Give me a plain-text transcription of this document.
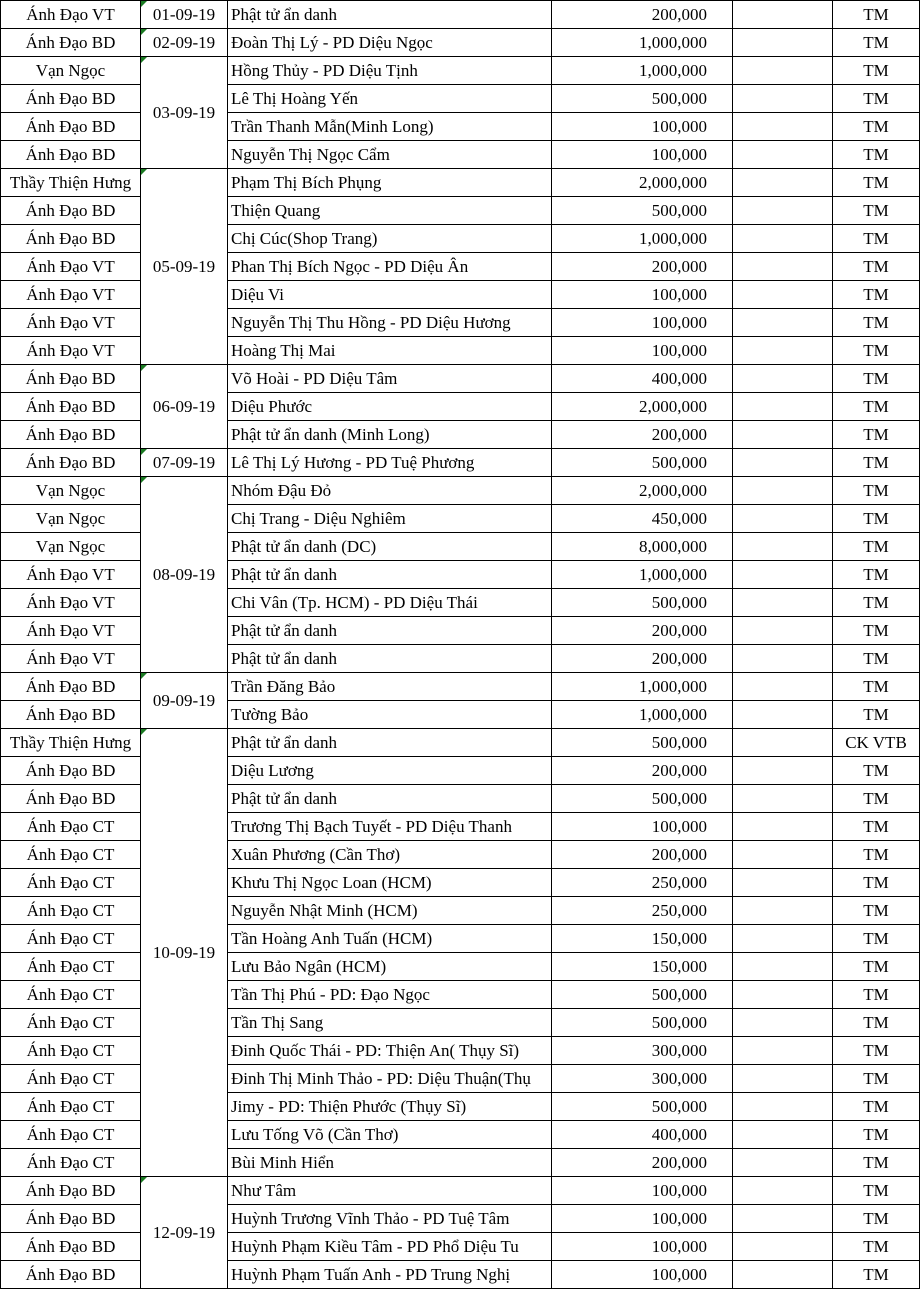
Ánh Đạo VT	01-09-19	Phật tử ẩn danh	200,000		TM
Ánh Đạo BD	02-09-19	Đoàn Thị Lý - PD Diệu Ngọc	1,000,000		TM
Vạn Ngọc	03-09-19	Hồng Thủy - PD Diệu Tịnh	1,000,000		TM
Ánh Đạo BD		Lê Thị Hoàng Yến	500,000		TM
Ánh Đạo BD		Trần Thanh Mẫn(Minh Long)	100,000		TM
Ánh Đạo BD		Nguyễn Thị Ngọc Cẩm	100,000		TM
Thầy Thiện Hưng	05-09-19	Phạm Thị Bích Phụng	2,000,000		TM
Ánh Đạo BD		Thiện Quang	500,000		TM
Ánh Đạo BD		Chị Cúc(Shop Trang)	1,000,000		TM
Ánh Đạo VT		Phan Thị Bích Ngọc - PD Diệu Ân	200,000		TM
Ánh Đạo VT		Diệu Vi	100,000		TM
Ánh Đạo VT		Nguyễn Thị Thu Hồng - PD Diệu Hương	100,000		TM
Ánh Đạo VT		Hoàng Thị Mai	100,000		TM
Ánh Đạo BD	06-09-19	Võ Hoài - PD Diệu Tâm	400,000		TM
Ánh Đạo BD		Diệu Phước	2,000,000		TM
Ánh Đạo BD		Phật tử ẩn danh (Minh Long)	200,000		TM
Ánh Đạo BD	07-09-19	Lê Thị Lý Hương - PD Tuệ Phương	500,000		TM
Vạn Ngọc	08-09-19	Nhóm Đậu Đỏ	2,000,000		TM
Vạn Ngọc		Chị Trang - Diệu Nghiêm	450,000		TM
Vạn Ngọc		Phật tử ẩn danh (DC)	8,000,000		TM
Ánh Đạo VT		Phật tử ẩn danh	1,000,000		TM
Ánh Đạo VT		Chi Vân (Tp. HCM) - PD Diệu Thái	500,000		TM
Ánh Đạo VT		Phật tử ẩn danh	200,000		TM
Ánh Đạo VT		Phật tử ẩn danh	200,000		TM
Ánh Đạo BD	09-09-19	Trần Đăng Bảo	1,000,000		TM
Ánh Đạo BD		Tường Bảo	1,000,000		TM
Thầy Thiện Hưng	10-09-19	Phật tử ẩn danh	500,000		CK VTB
Ánh Đạo BD		Diệu Lương	200,000		TM
Ánh Đạo BD		Phật tử ẩn danh	500,000		TM
Ánh Đạo CT		Trương Thị Bạch Tuyết - PD Diệu Thanh	100,000		TM
Ánh Đạo CT		Xuân Phương (Cần Thơ)	200,000		TM
Ánh Đạo CT		Khưu Thị Ngọc Loan (HCM)	250,000		TM
Ánh Đạo CT		Nguyễn Nhật Minh (HCM)	250,000		TM
Ánh Đạo CT		Tần Hoàng Anh Tuấn (HCM)	150,000		TM
Ánh Đạo CT		Lưu Bảo Ngân (HCM)	150,000		TM
Ánh Đạo CT		Tần Thị Phú - PD: Đạo Ngọc	500,000		TM
Ánh Đạo CT		Tần Thị Sang	500,000		TM
Ánh Đạo CT		Đinh Quốc Thái - PD: Thiện An( Thụy Sĩ)	300,000		TM
Ánh Đạo CT		Đinh Thị Minh Thảo - PD: Diệu Thuận(Thụ	300,000		TM
Ánh Đạo CT		Jimy - PD: Thiện Phước (Thụy Sĩ)	500,000		TM
Ánh Đạo CT		Lưu Tống Võ (Cần Thơ)	400,000		TM
Ánh Đạo CT		Bùi Minh Hiển	200,000		TM
Ánh Đạo BD	12-09-19	Như Tâm	100,000		TM
Ánh Đạo BD		Huỳnh Trương Vĩnh Thảo - PD Tuệ Tâm	100,000		TM
Ánh Đạo BD		Huỳnh Phạm Kiều Tâm - PD Phổ Diệu Tu	100,000		TM
Ánh Đạo BD		Huỳnh Phạm Tuấn Anh - PD Trung Nghị	100,000		TM
